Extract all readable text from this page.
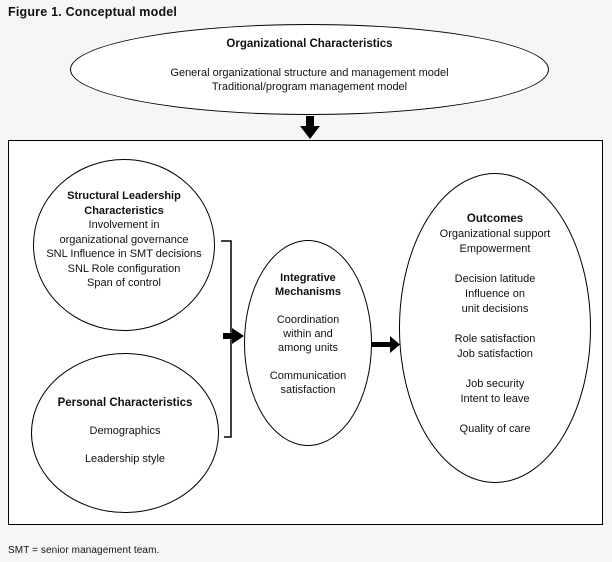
Figure 1. Conceptual model
Organizational Characteristics
General organizational structure and management model
Traditional/program management model
Structural Leadership
Characteristics
Involvement in
organizational governance
SNL Influence in SMT decisions
SNL Role configuration
Span of control
Personal Characteristics
Demographics
Leadership style
Integrative
Mechanisms
Coordination
within and
among units
Communication
satisfaction
Outcomes
Organizational support
Empowerment
Decision latitude
Influence on
unit decisions
Role satisfaction
Job satisfaction
Job security
Intent to leave
Quality of care
SMT = senior management team.
